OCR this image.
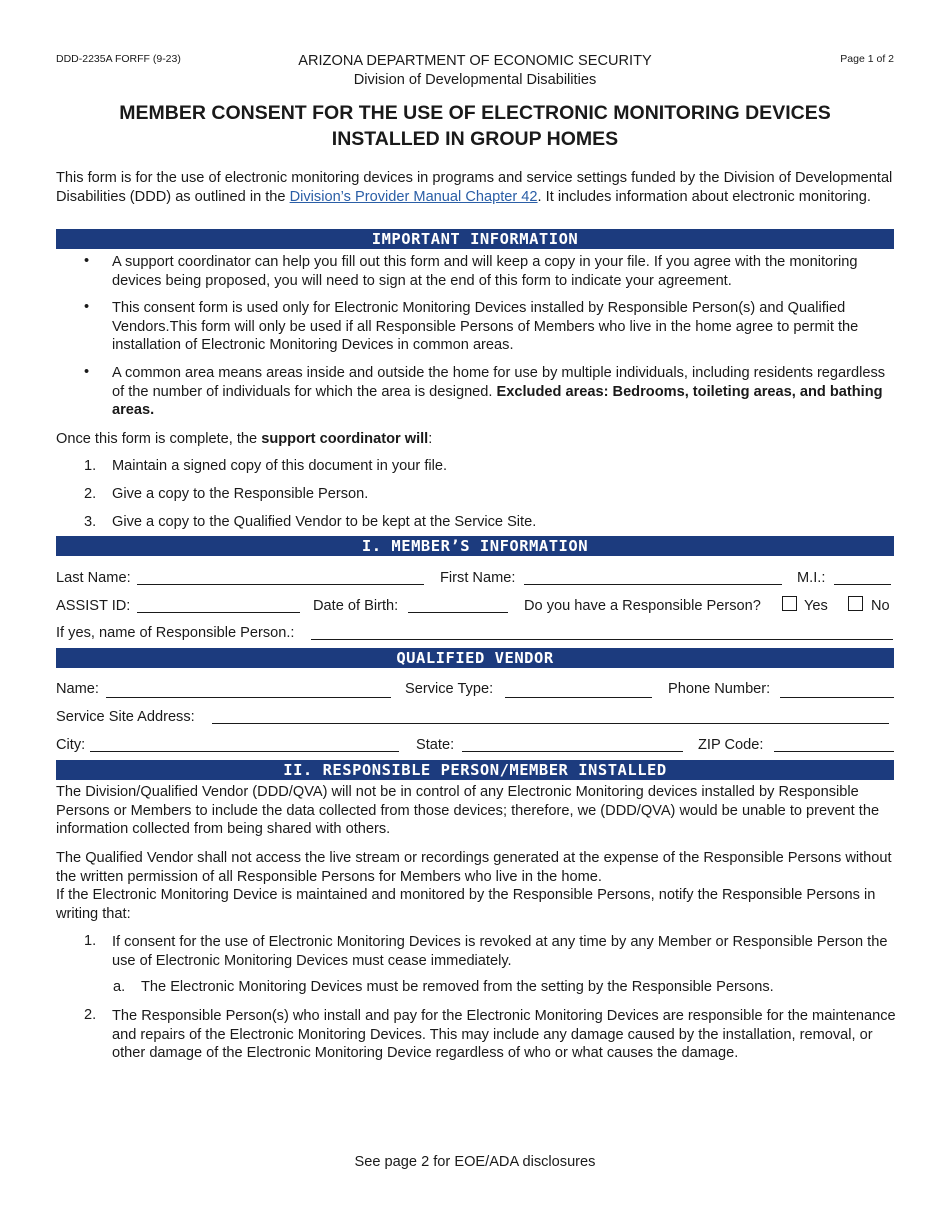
DDD-2235A FORFF (9-23)	ARIZONA DEPARTMENT OF ECONOMIC SECURITY
Division of Developmental Disabilities
Page 1 of 2
MEMBER CONSENT FOR THE USE OF ELECTRONIC MONITORING DEVICES
INSTALLED IN GROUP HOMES
This form is for the use of electronic monitoring devices in programs and service settings funded by the Division of Developmental Disabilities (DDD) as outlined in the Division’s Provider Manual Chapter 42. It includes information about electronic monitoring.
IMPORTANT INFORMATION
• A support coordinator can help you fill out this form and will keep a copy in your file. If you agree with the monitoring devices being proposed, you will need to sign at the end of this form to indicate your agreement.
• This consent form is used only for Electronic Monitoring Devices installed by Responsible Person(s) and Qualified Vendors.This form will only be used if all Responsible Persons of Members who live in the home agree to permit the installation of Electronic Monitoring Devices in common areas.
• A common area means areas inside and outside the home for use by multiple individuals, including residents regardless of the number of individuals for which the area is designed. Excluded areas: Bedrooms, toileting areas, and bathing areas.
Once this form is complete, the support coordinator will:
1. Maintain a signed copy of this document in your file.
2. Give a copy to the Responsible Person.
3. Give a copy to the Qualified Vendor to be kept at the Service Site.
I. MEMBER’S INFORMATION
Last Name:	First Name:	M.I.:
ASSIST ID:	Date of Birth:	Do you have a Responsible Person?	Yes	No
If yes, name of Responsible Person.:
QUALIFIED VENDOR
Name:	Service Type:	Phone Number:
Service Site Address:
City:	State:	ZIP Code:
II. RESPONSIBLE PERSON/MEMBER INSTALLED
The Division/Qualified Vendor (DDD/QVA) will not be in control of any Electronic Monitoring devices installed by Responsible Persons or Members to include the data collected from those devices; therefore, we (DDD/QVA) would be unable to prevent the information collected from being shared with others.
The Qualified Vendor shall not access the live stream or recordings generated at the expense of the Responsible Persons without the written permission of all Responsible Persons for Members who live in the home.
If the Electronic Monitoring Device is maintained and monitored by the Responsible Persons, notify the Responsible Persons in writing that:
1. If consent for the use of Electronic Monitoring Devices is revoked at any time by any Member or Responsible Person the use of Electronic Monitoring Devices must cease immediately.
a. The Electronic Monitoring Devices must be removed from the setting by the Responsible Persons.
2. The Responsible Person(s) who install and pay for the Electronic Monitoring Devices are responsible for the maintenance and repairs of the Electronic Monitoring Devices. This may include any damage caused by the installation, removal, or other damage of the Electronic Monitoring Device regardless of who or what causes the damage.
See page 2 for EOE/ADA disclosures
